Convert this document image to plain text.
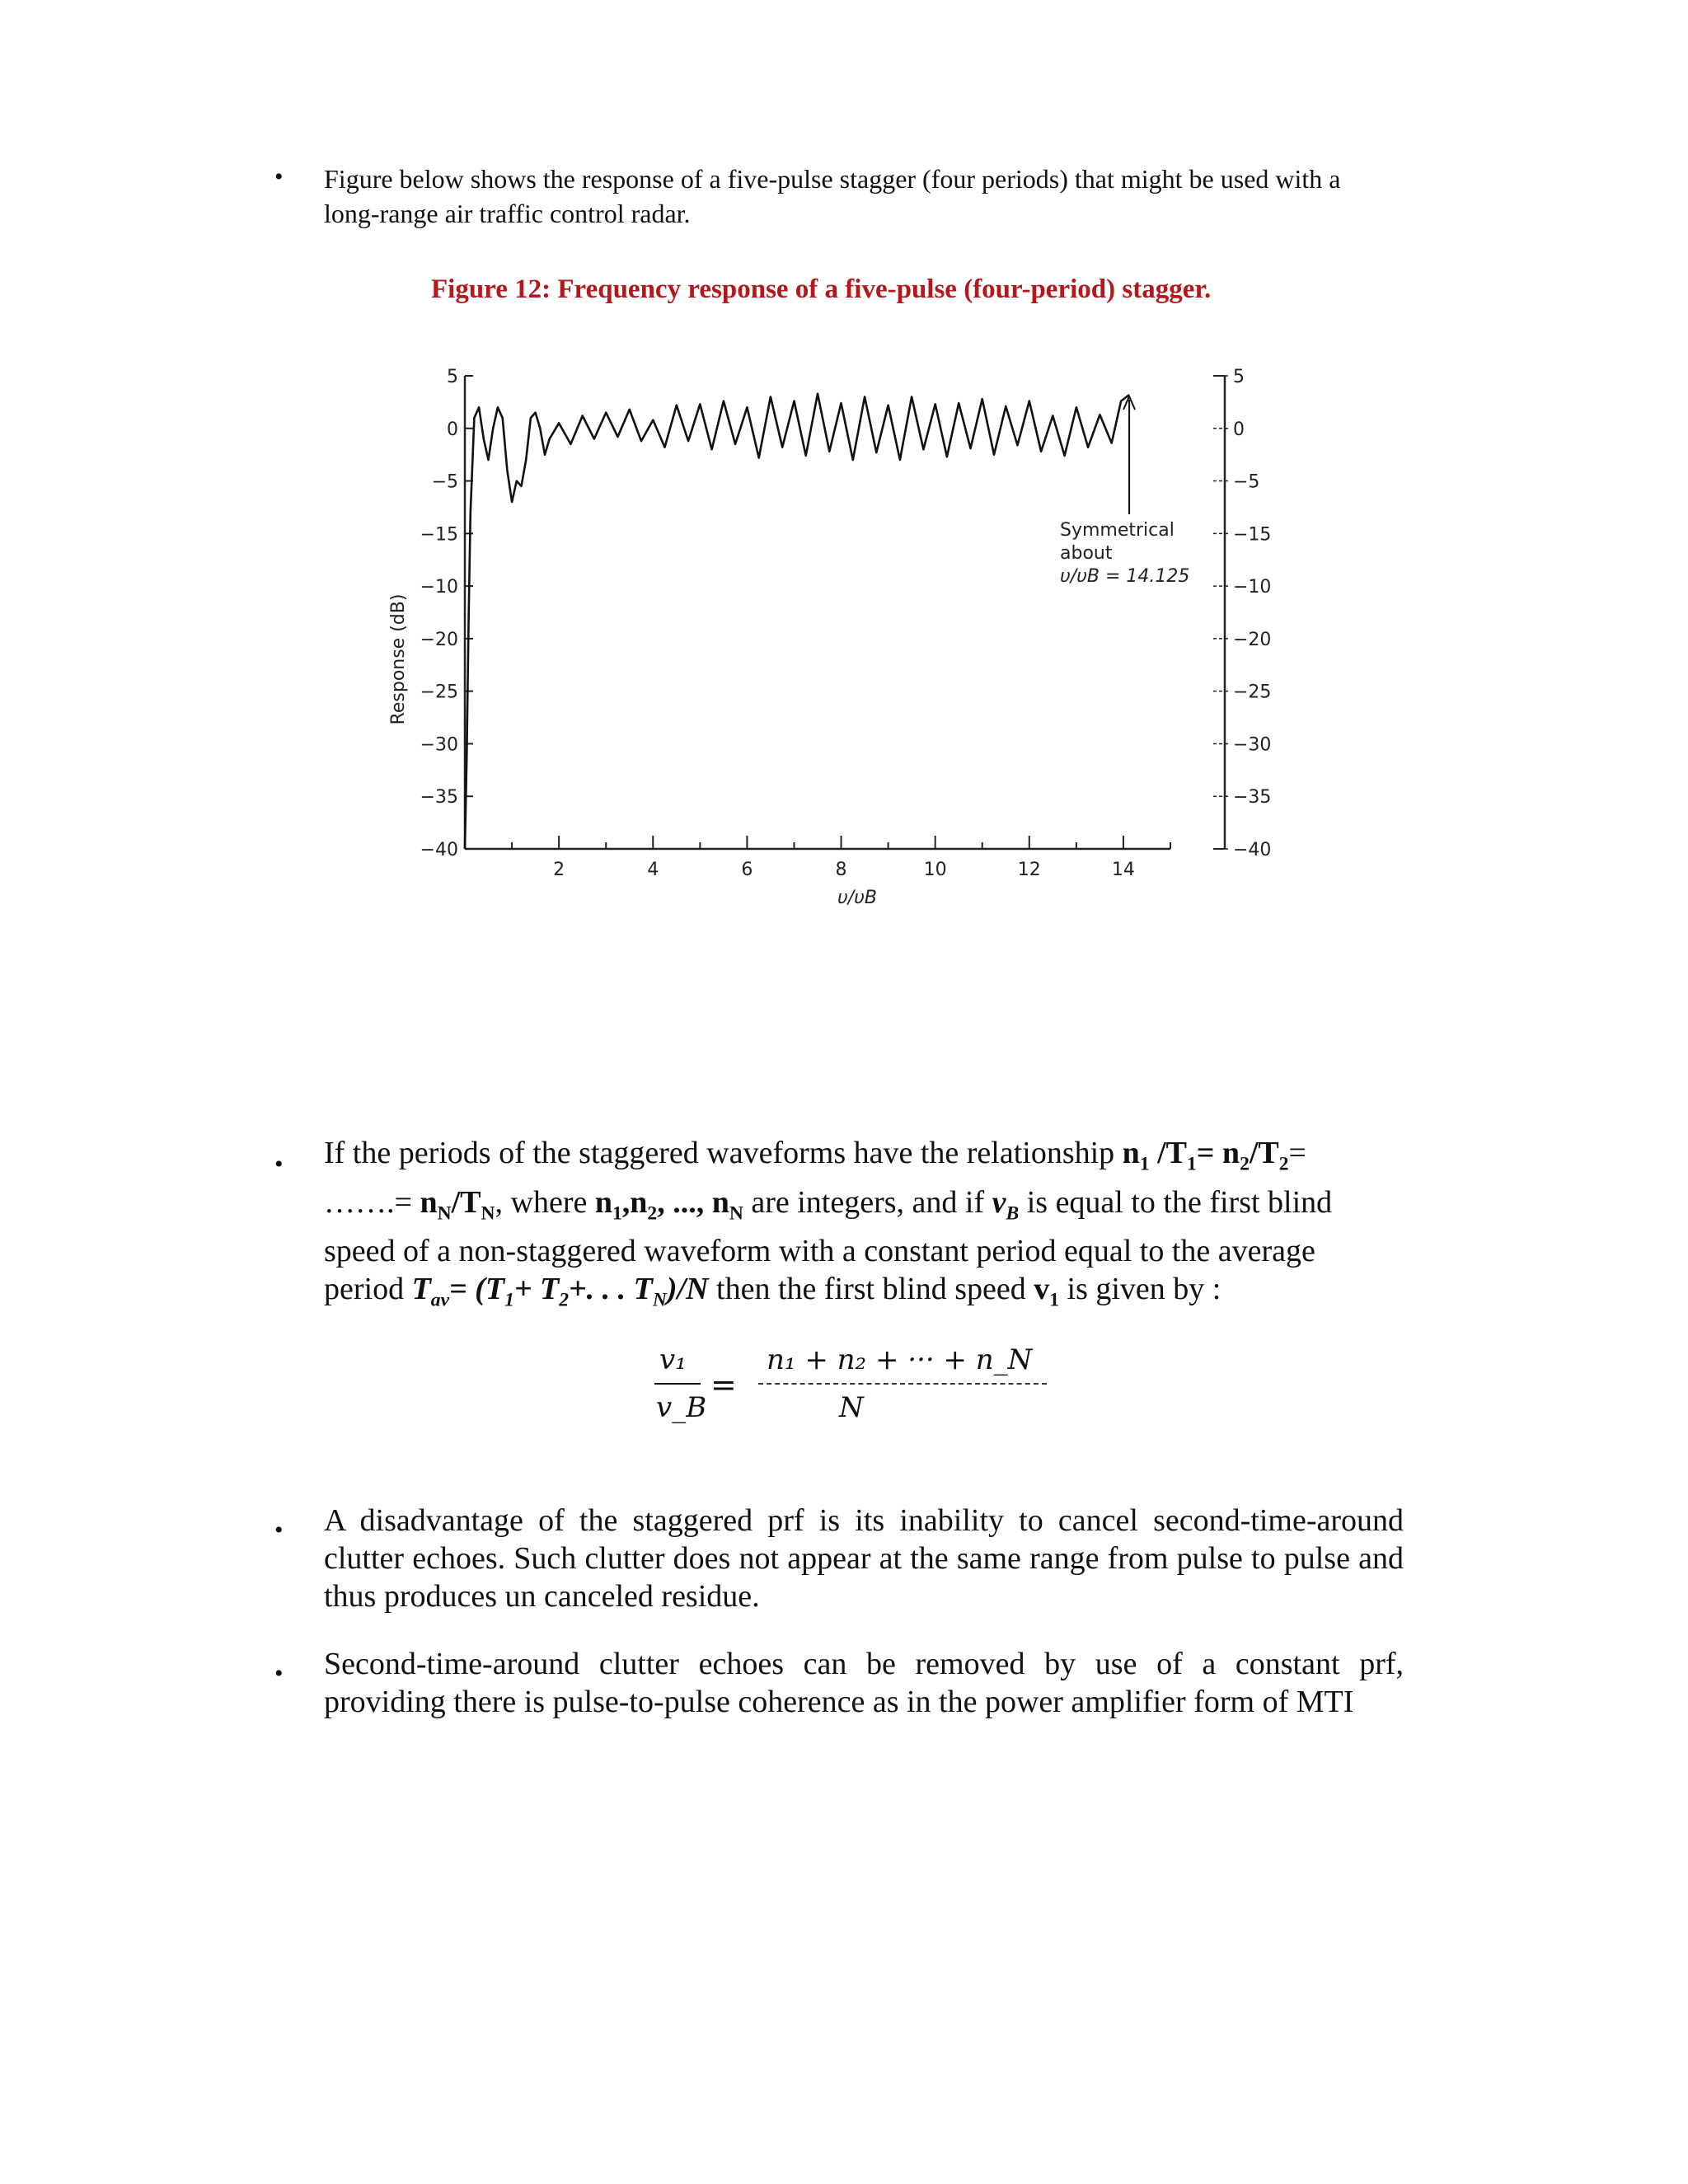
• Figure below shows the response of a five-pulse stagger (four periods) that might be used with a long-range air traffic control radar.
Figure 12: Frequency response of a five-pulse (four-period) stagger.
5
0
−5
−15
−10
−20
−25
−30
−35
−40
5
0
−5
−15
−10
−20
−25
−30
−35
−40
2	4	6	8	10	12	14
Response (dB)
υ/υB
Symmetrical
about
υ/υB = 14.125
• If the periods of the staggered waveforms have the relationship $n_1$ $/T_1= n_2/T_2=$ …….= $n_N/T_N$, where $n_1,n_2$, ..., $n_N$ are integers, and if $v_B$ is equal to the first blind speed of a non-staggered waveform with a constant period equal to the average period $T_{av}= (T_1+ T_2+$. . . $T_N)/N$ then the first blind speed $v_1$ is given by :
v₁
v_B
=
n₁ + n₂ + ··· + n_N
N
• A disadvantage of the staggered prf is its inability to cancel second-time-around clutter echoes. Such clutter does not appear at the same range from pulse to pulse and thus produces un canceled residue.
• Second-time-around clutter echoes can be removed by use of a constant prf, providing there is pulse-to-pulse coherence as in the power amplifier form of MTI
